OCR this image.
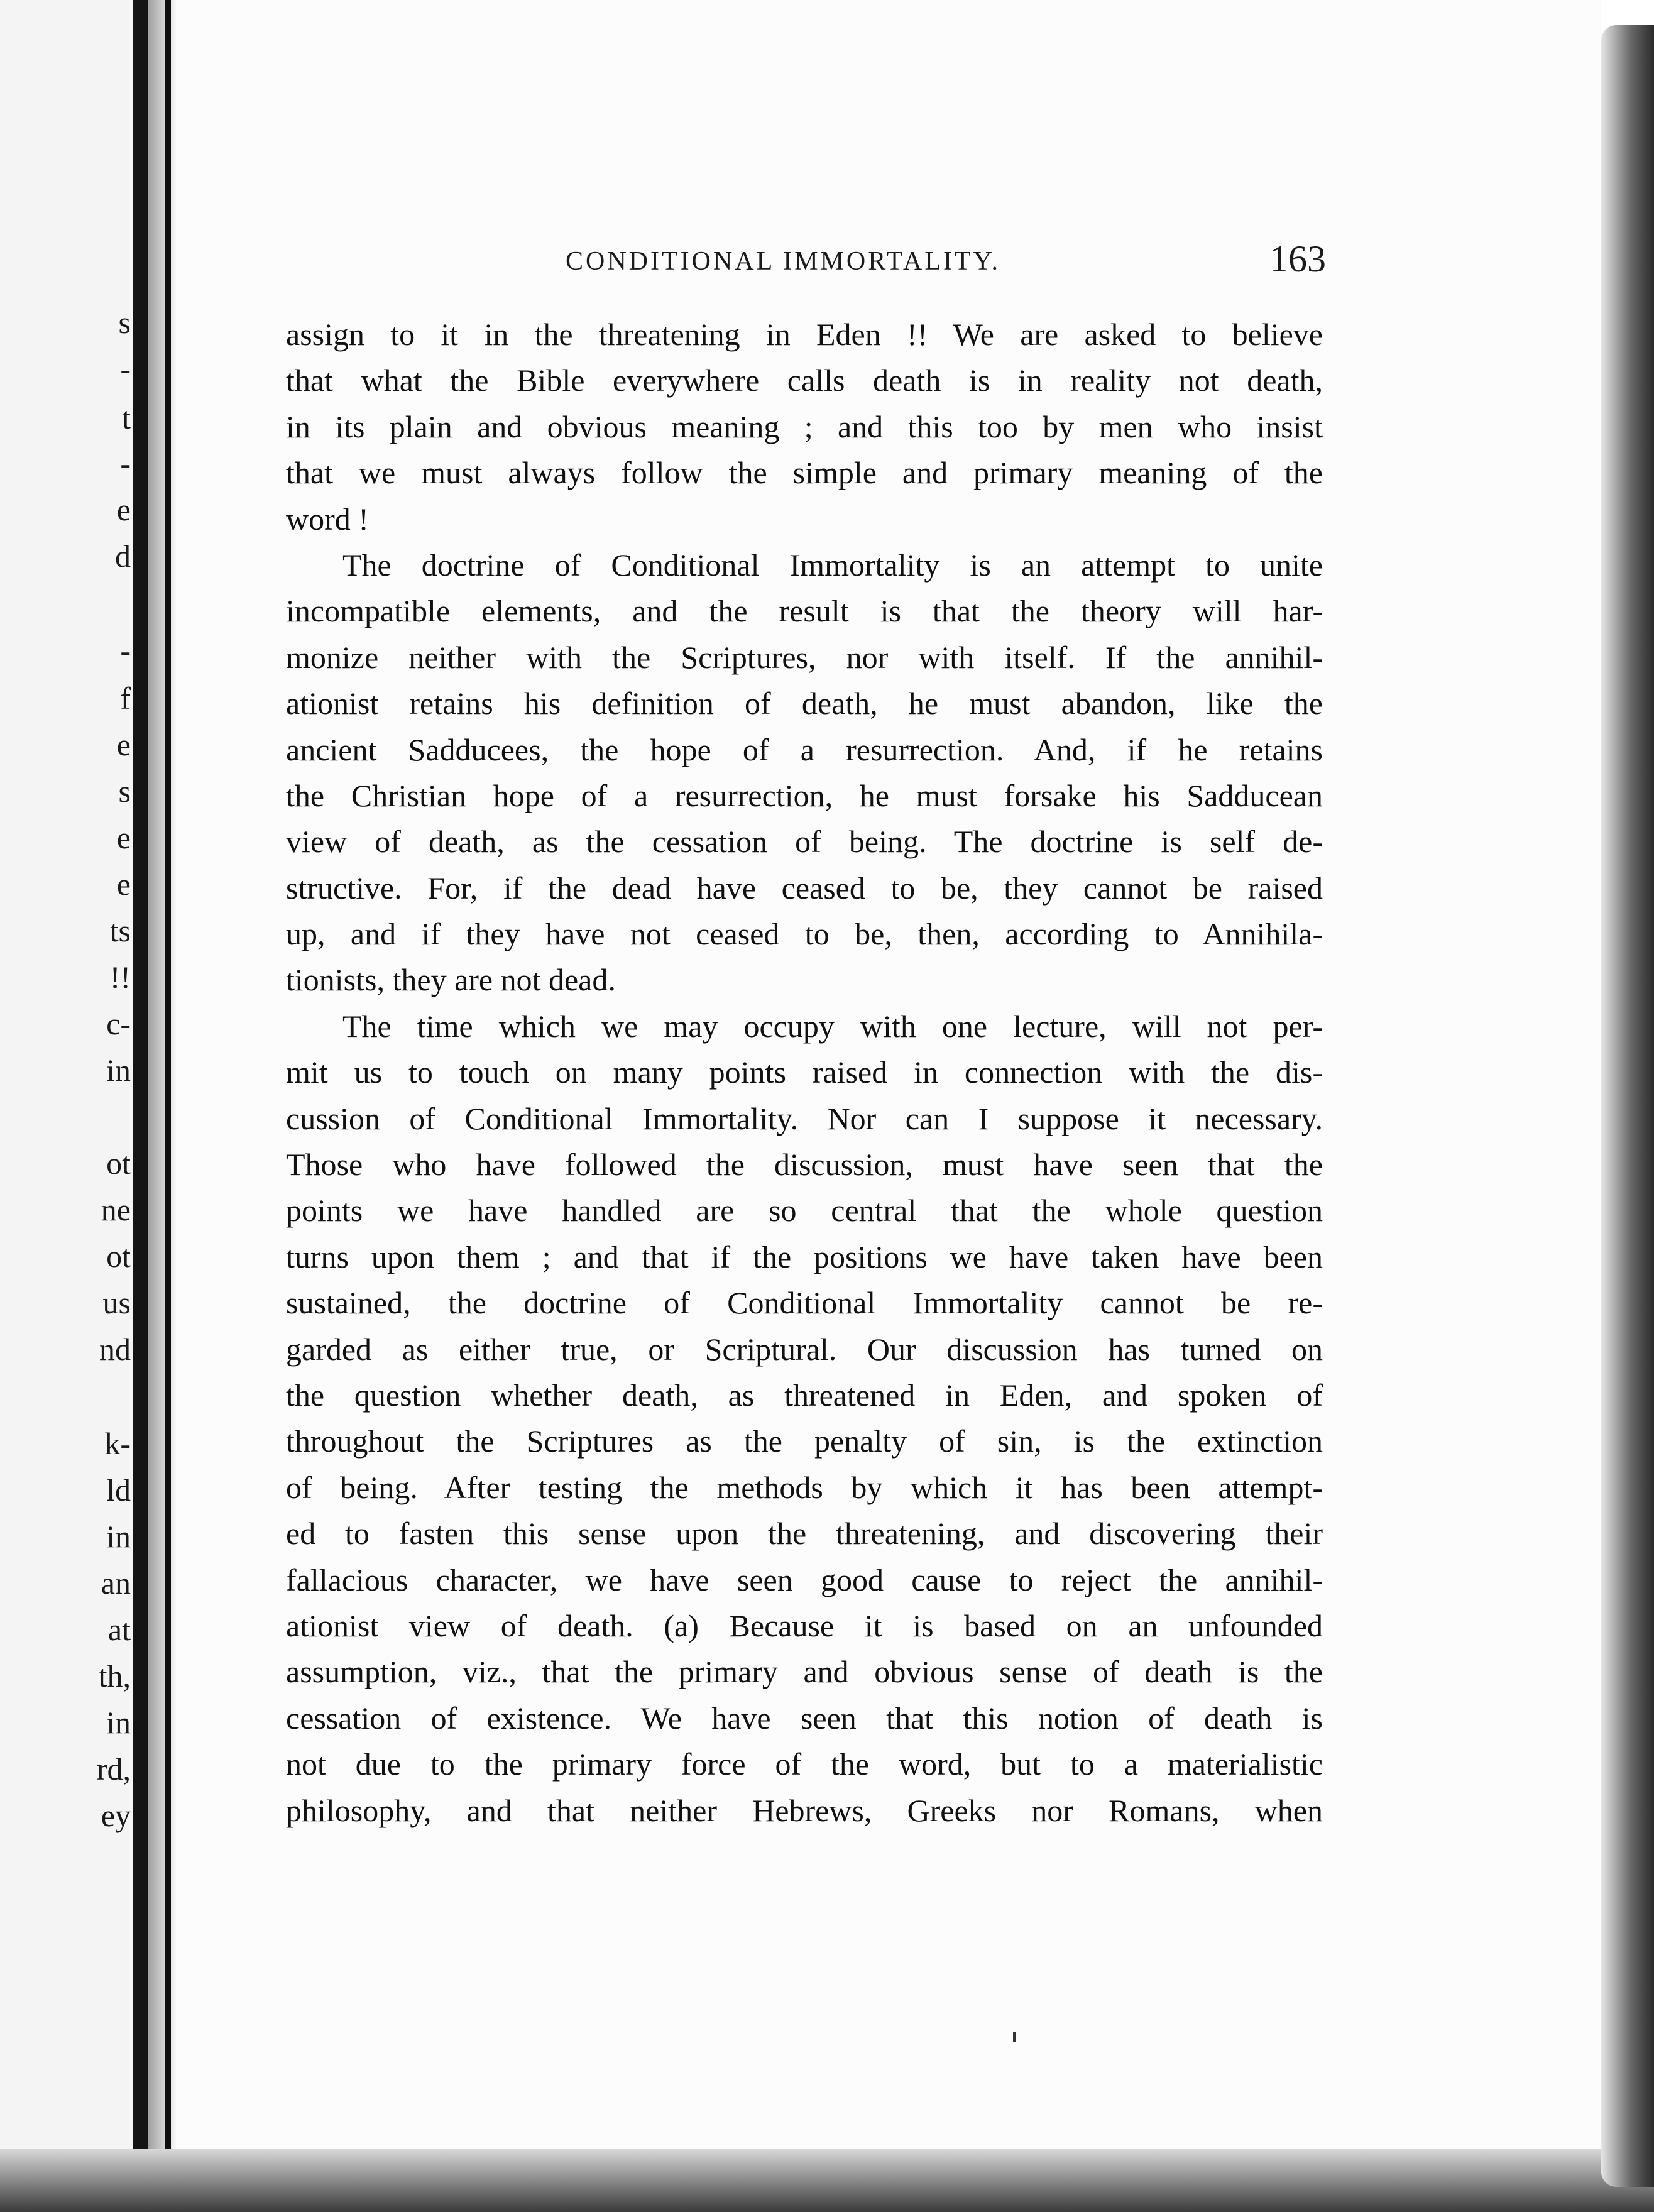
s
-
t
-
e
d
-
f
e
s
e
e
ts
!!
c-
in
ot
ne
ot
us
nd
k-
ld
in
an
at
th,
in
rd,
ey
CONDITIONAL IMMORTALITY.	163
assign to it in the threatening in Eden !! We are asked to believe
that what the Bible everywhere calls death is in reality not death,
in its plain and obvious meaning ; and this too by men who insist
that we must always follow the simple and primary meaning of the
word !
The doctrine of Conditional Immortality is an attempt to unite
incompatible elements, and the result is that the theory will har-
monize neither with the Scriptures, nor with itself. If the annihil-
ationist retains his definition of death, he must abandon, like the
ancient Sadducees, the hope of a resurrection. And, if he retains
the Christian hope of a resurrection, he must forsake his Sadducean
view of death, as the cessation of being. The doctrine is self de-
structive. For, if the dead have ceased to be, they cannot be raised
up, and if they have not ceased to be, then, according to Annihila-
tionists, they are not dead.
The time which we may occupy with one lecture, will not per-
mit us to touch on many points raised in connection with the dis-
cussion of Conditional Immortality. Nor can I suppose it necessary.
Those who have followed the discussion, must have seen that the
points we have handled are so central that the whole question
turns upon them ; and that if the positions we have taken have been
sustained, the doctrine of Conditional Immortality cannot be re-
garded as either true, or Scriptural. Our discussion has turned on
the question whether death, as threatened in Eden, and spoken of
throughout the Scriptures as the penalty of sin, is the extinction
of being. After testing the methods by which it has been attempt-
ed to fasten this sense upon the threatening, and discovering their
fallacious character, we have seen good cause to reject the annihil-
ationist view of death. (a) Because it is based on an unfounded
assumption, viz., that the primary and obvious sense of death is the
cessation of existence. We have seen that this notion of death is
not due to the primary force of the word, but to a materialistic
philosophy, and that neither Hebrews, Greeks nor Romans, when
